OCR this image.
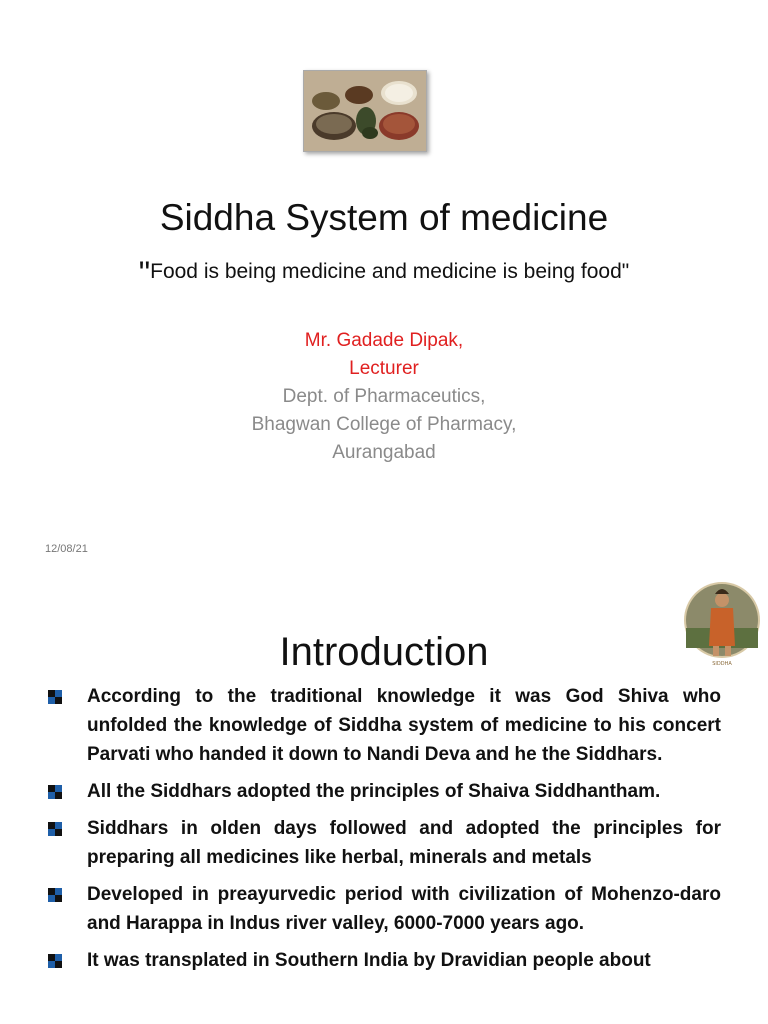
Siddha System of medicine
"Food is being medicine and medicine is being food"
Mr. Gadade Dipak,
Lecturer
Dept. of Pharmaceutics,
Bhagwan College of Pharmacy,
Aurangabad
12/08/21
SIDDHA
Introduction
According to the traditional knowledge it was God Shiva who unfolded the knowledge of Siddha system of medicine to his concert Parvati who handed it down to Nandi Deva and he the Siddhars.
All the Siddhars adopted the principles of Shaiva Siddhantham.
Siddhars in olden days followed and adopted the principles for preparing all medicines like herbal, minerals and metals
Developed in preayurvedic period with civilization of Mohenzo-daro and Harappa in Indus river valley, 6000-7000 years ago.
It was transplated in Southern India by Dravidian people about
